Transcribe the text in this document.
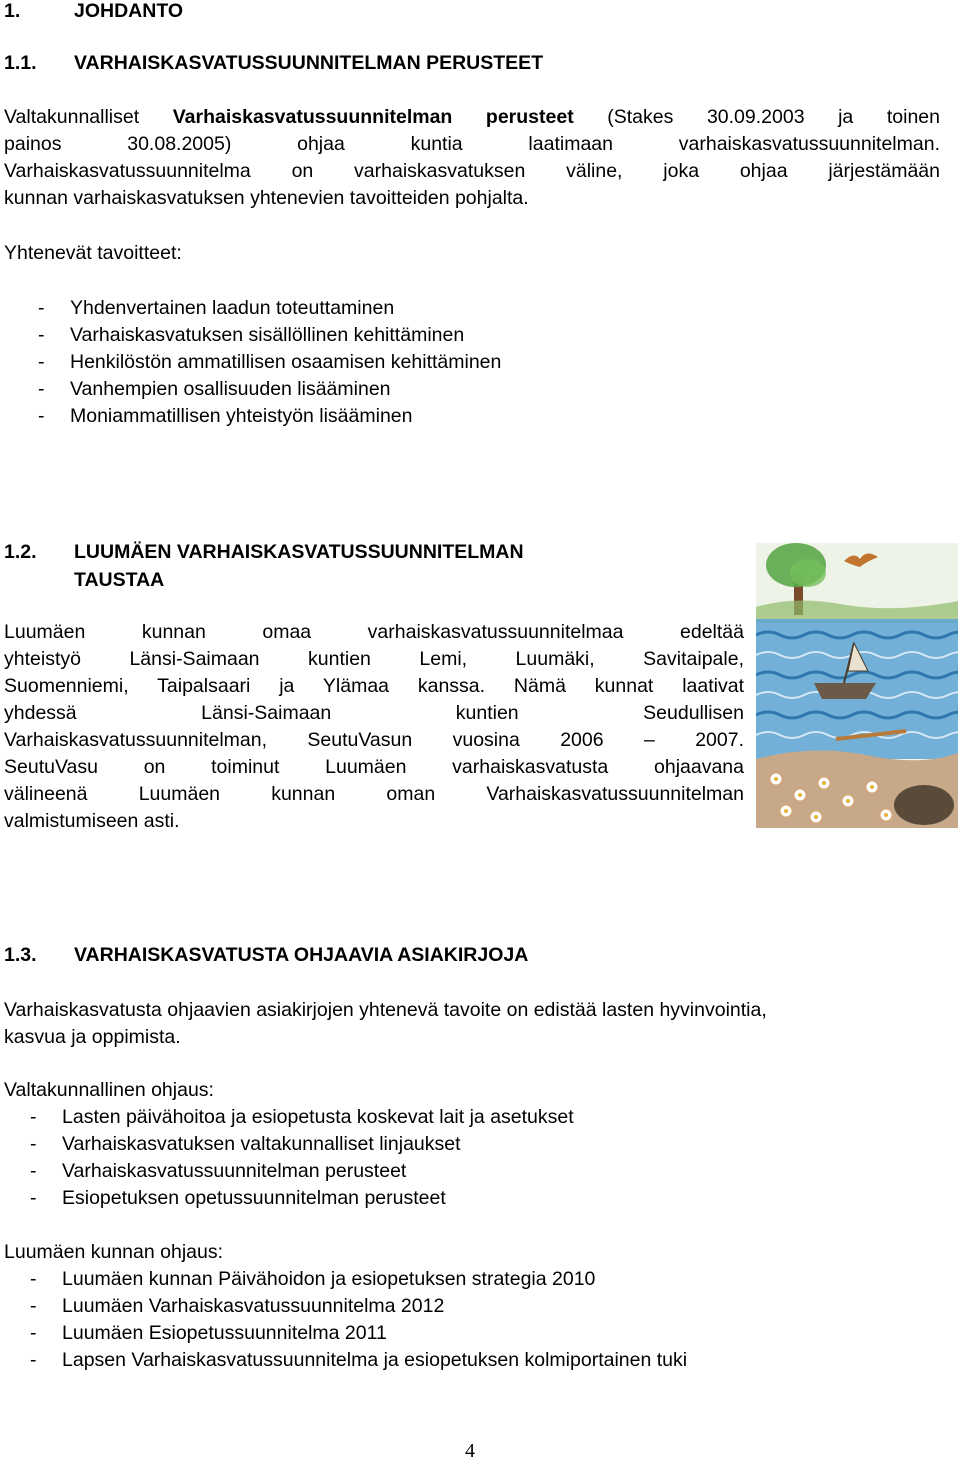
1.	JOHDANTO
1.1. VARHAISKASVATUSSUUNNITELMAN PERUSTEET
Valtakunnalliset Varhaiskasvatussuunnitelman perusteet (Stakes 30.09.2003 ja toinen
painos 30.08.2005) ohjaa kuntia laatimaan varhaiskasvatussuunnitelman.
Varhaiskasvatussuunnitelma on varhaiskasvatuksen väline, joka ohjaa järjestämään
kunnan varhaiskasvatuksen yhtenevien tavoitteiden pohjalta.
Yhtenevät tavoitteet:
- Yhdenvertainen laadun toteuttaminen
- Varhaiskasvatuksen sisällöllinen kehittäminen
- Henkilöstön ammatillisen osaamisen kehittäminen
- Vanhempien osallisuuden lisääminen
- Moniammatillisen yhteistyön lisääminen
1.2. LUUMÄEN VARHAISKASVATUSSUUNNITELMAN
TAUSTAA
Luumäen kunnan omaa varhaiskasvatussuunnitelmaa edeltää
yhteistyö Länsi-Saimaan kuntien Lemi, Luumäki, Savitaipale,
Suomenniemi, Taipalsaari ja Ylämaa kanssa. Nämä kunnat laativat
yhdessä Länsi-Saimaan kuntien Seudullisen
Varhaiskasvatussuunnitelman, SeutuVasun vuosina 2006 – 2007.
SeutuVasu on toiminut Luumäen varhaiskasvatusta ohjaavana
välineenä Luumäen kunnan oman Varhaiskasvatussuunnitelman
valmistumiseen asti.
1.3. VARHAISKASVATUSTA OHJAAVIA ASIAKIRJOJA
Varhaiskasvatusta ohjaavien asiakirjojen yhtenevä tavoite on edistää lasten hyvinvointia,
kasvua ja oppimista.
Valtakunnallinen ohjaus:
- Lasten päivähoitoa ja esiopetusta koskevat lait ja asetukset
- Varhaiskasvatuksen valtakunnalliset linjaukset
- Varhaiskasvatussuunnitelman perusteet
- Esiopetuksen opetussuunnitelman perusteet
Luumäen kunnan ohjaus:
- Luumäen kunnan Päivähoidon ja esiopetuksen strategia 2010
- Luumäen Varhaiskasvatussuunnitelma 2012
- Luumäen Esiopetussuunnitelma 2011
- Lapsen Varhaiskasvatussuunnitelma ja esiopetuksen kolmiportainen tuki
4
